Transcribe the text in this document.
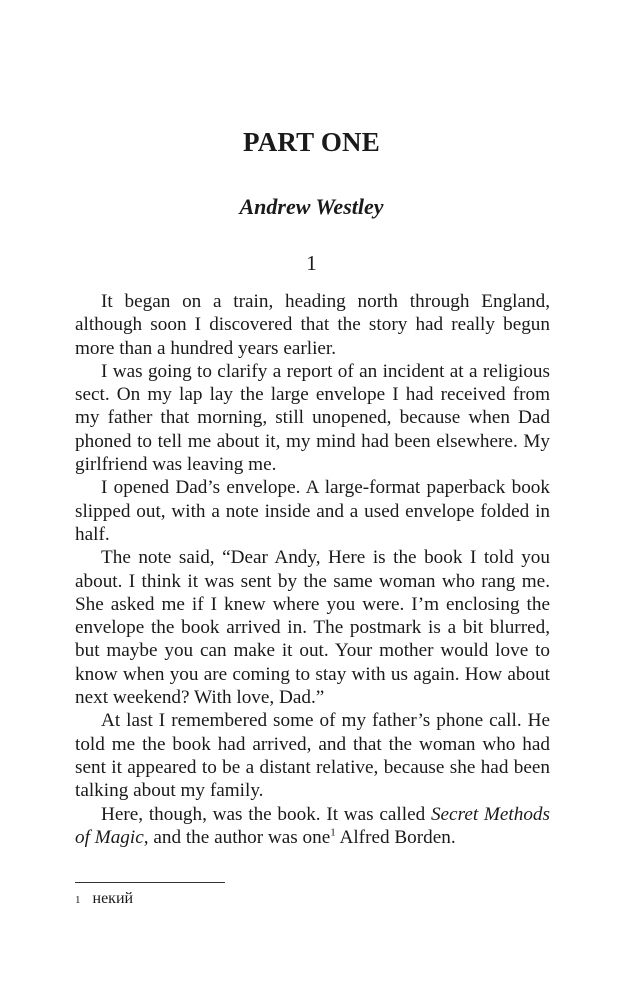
PART ONE
Andrew Westley
1

It began on a train, heading north through England, although soon I discovered that the story had really begun more than a hundred years earlier.

I was going to clarify a report of an incident at a religious sect. On my lap lay the large envelope I had received from my father that morning, still unopened, because when Dad phoned to tell me about it, my mind had been elsewhere. My girlfriend was leaving me.

I opened Dad’s envelope. A large-format paperback book slipped out, with a note inside and a used envelope folded in half.

The note said, “Dear Andy, Here is the book I told you about. I think it was sent by the same woman who rang me. She asked me if I knew where you were. I’m enclosing the envelope the book arrived in. The postmark is a bit blurred, but maybe you can make it out. Your mother would love to know when you are coming to stay with us again. How about next weekend? With love, Dad.”

At last I remembered some of my father’s phone call. He told me the book had arrived, and that the woman who had sent it appeared to be a distant relative, because she had been talking about my family.

Here, though, was the book. It was called Secret Methods of Magic, and the author was one$^1$ Alfred Borden.

$^1$ некий
